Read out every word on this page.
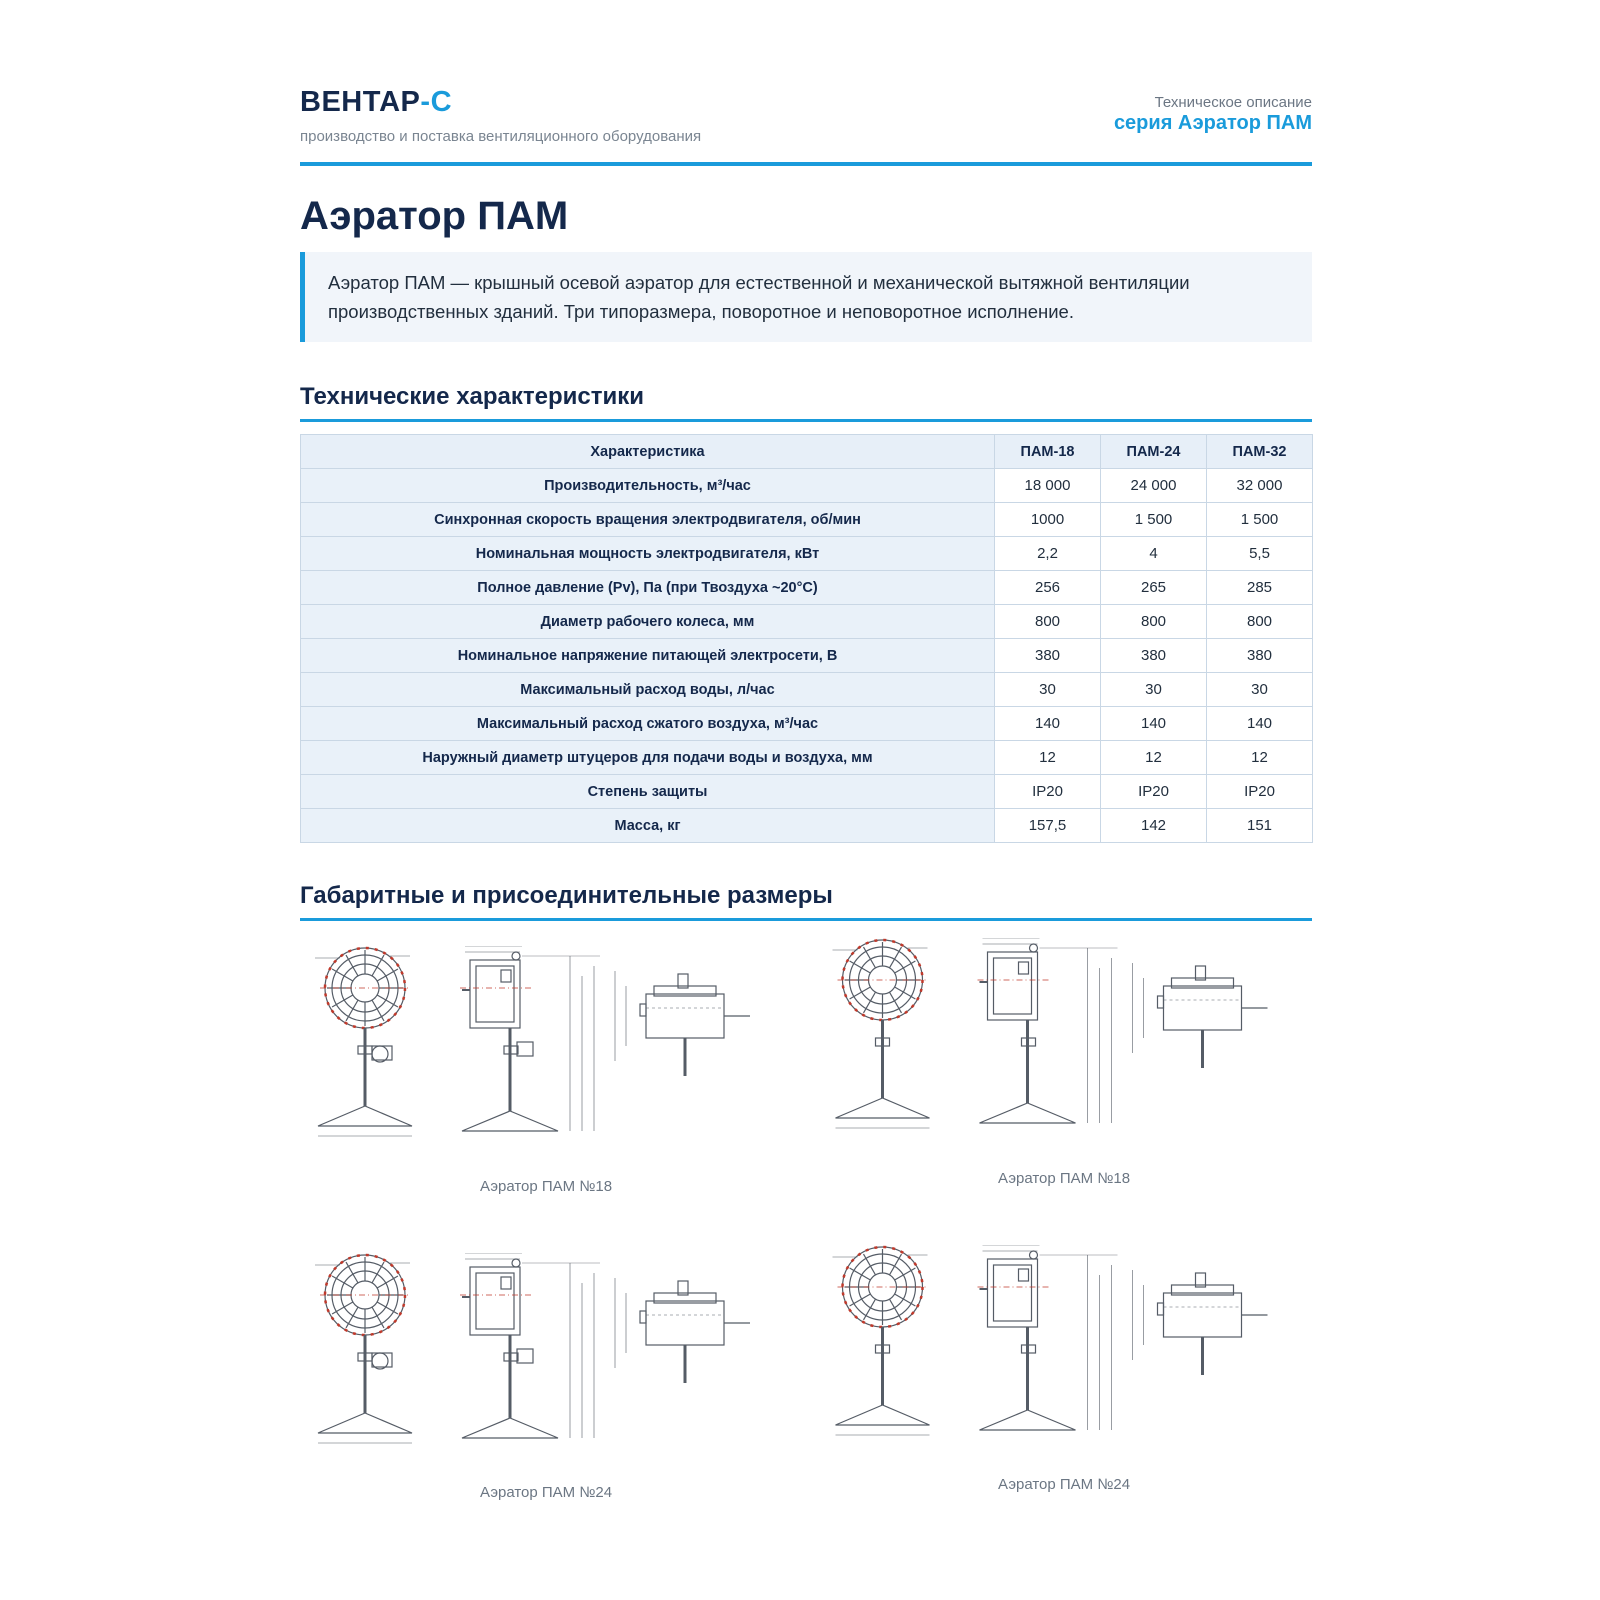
ВЕНТАР-С
производство и поставка вентиляционного оборудования
Техническое описание
серия Аэратор ПАМ
Аэратор ПАМ

Аэратор ПАМ — крышный осевой аэратор для естественной и механической вытяжной вентиляции

производственных зданий. Три типоразмера, поворотное и неповоротное исполнение.

Технические характеристики
Характеристика	ПАМ-18	ПАМ-24	ПАМ-32
Производительность, м³/час	18 000	24 000	32 000
Синхронная скорость вращения электродвигателя, об/мин	1000	1 500	1 500
Номинальная мощность электродвигателя, кВт	2,2	4	5,5
Полное давление (Pv), Па (при Твоздуха ~20°C)	256	265	285
Диаметр рабочего колеса, мм	800	800	800
Номинальное напряжение питающей электросети, В	380	380	380
Максимальный расход воды, л/час	30	30	30
Максимальный расход сжатого воздуха, м³/час	140	140	140
Наружный диаметр штуцеров для подачи воды и воздуха, мм	12	12	12
Степень защиты	IP20	IP20	IP20
Масса, кг	157,5	142	151
Габаритные и присоединительные размеры
Аэратор ПАМ №18	Аэратор ПАМ №18
Аэратор ПАМ №24	Аэратор ПАМ №24
